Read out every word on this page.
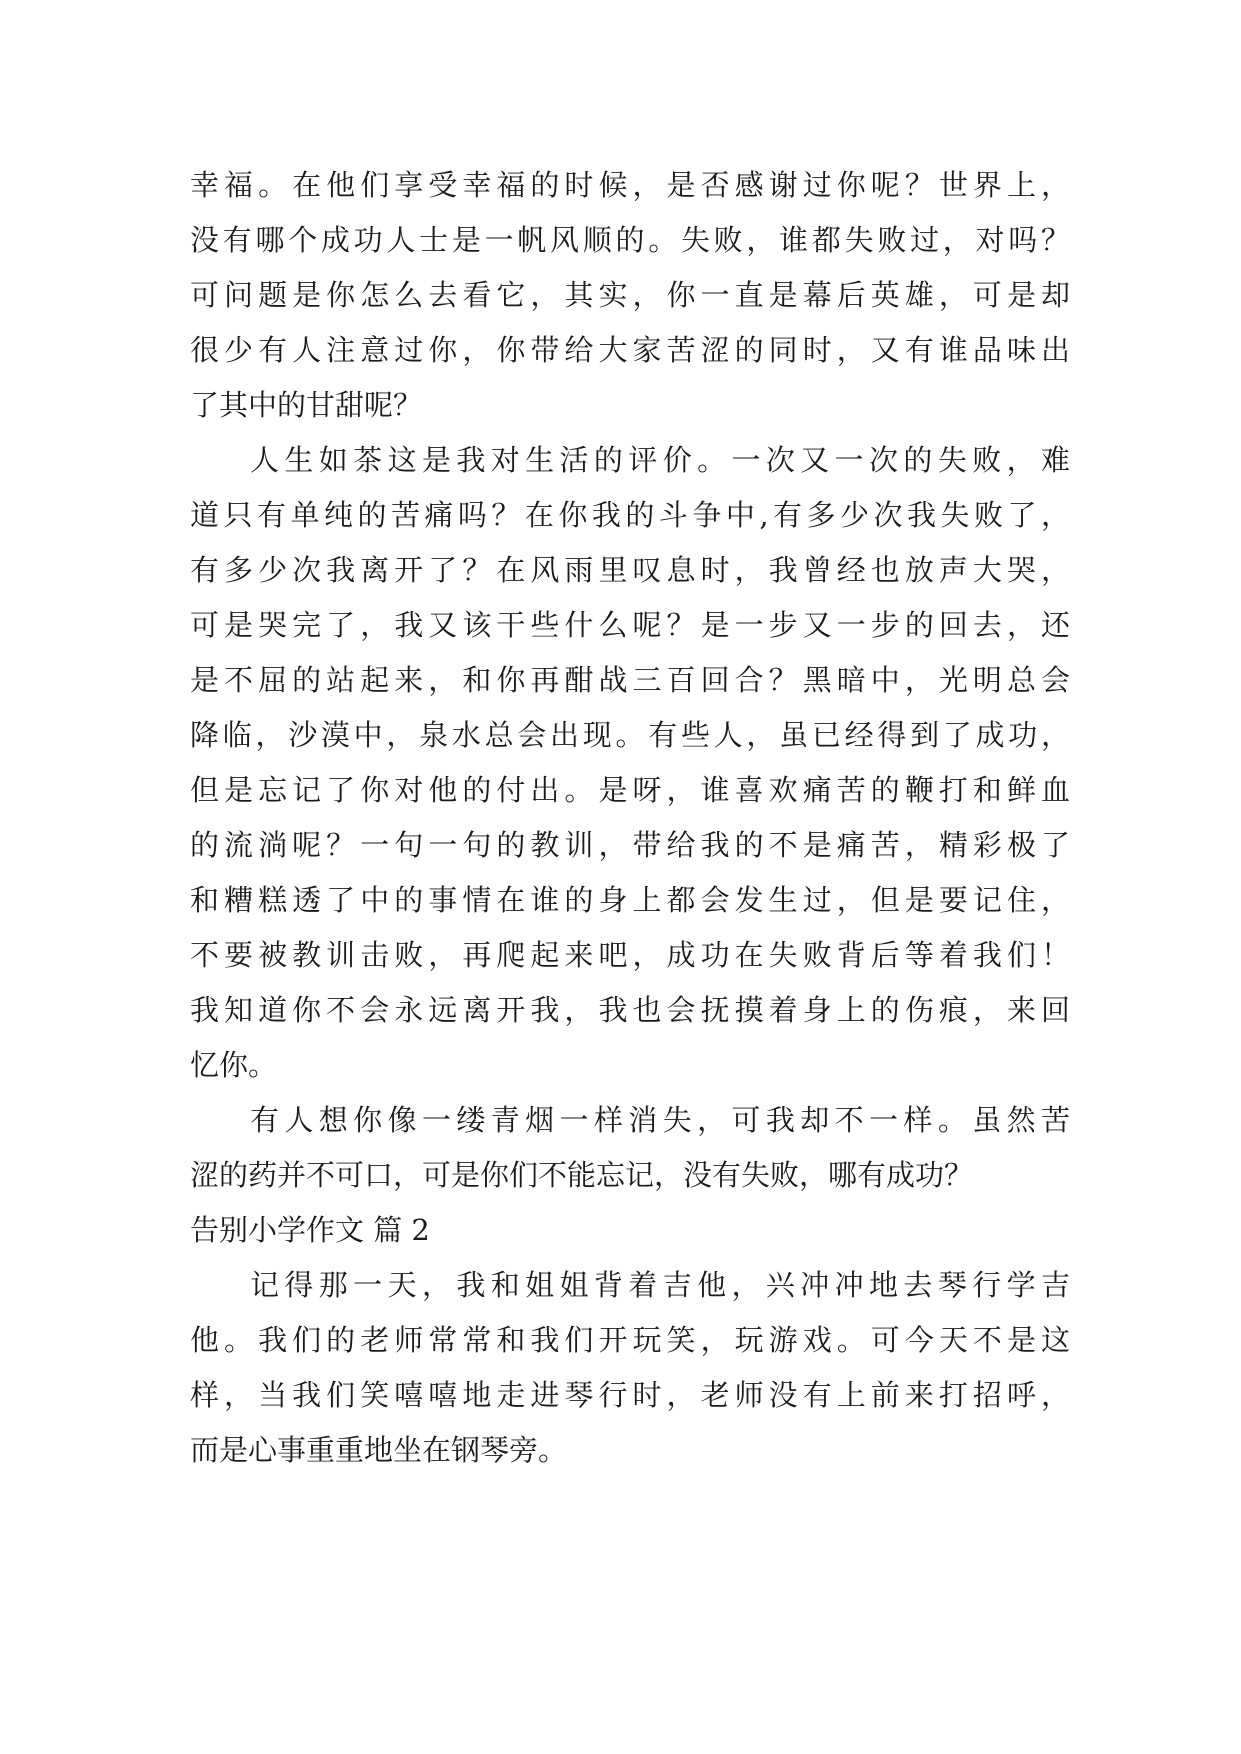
幸福。在他们享受幸福的时候，是否感谢过你呢？世界上，
没有哪个成功人士是一帆风顺的。失败，谁都失败过，对吗？
可问题是你怎么去看它，其实，你一直是幕后英雄，可是却
很少有人注意过你，你带给大家苦涩的同时，又有谁品味出
了其中的甘甜呢？
人生如茶这是我对生活的评价。一次又一次的失败，难
道只有单纯的苦痛吗？在你我的斗争中,有多少次我失败了，
有多少次我离开了？在风雨里叹息时，我曾经也放声大哭，
可是哭完了，我又该干些什么呢？是一步又一步的回去，还
是不屈的站起来，和你再酣战三百回合？黑暗中，光明总会
降临，沙漠中，泉水总会出现。有些人，虽已经得到了成功，
但是忘记了你对他的付出。是呀，谁喜欢痛苦的鞭打和鲜血
的流淌呢？一句一句的教训，带给我的不是痛苦，精彩极了
和糟糕透了中的事情在谁的身上都会发生过，但是要记住，
不要被教训击败，再爬起来吧，成功在失败背后等着我们！
我知道你不会永远离开我，我也会抚摸着身上的伤痕，来回
忆你。
有人想你像一缕青烟一样消失，可我却不一样。虽然苦
涩的药并不可口，可是你们不能忘记，没有失败，哪有成功？
告别小学作文 篇 2
记得那一天，我和姐姐背着吉他，兴冲冲地去琴行学吉
他。我们的老师常常和我们开玩笑，玩游戏。可今天不是这
样，当我们笑嘻嘻地走进琴行时，老师没有上前来打招呼，
而是心事重重地坐在钢琴旁。
